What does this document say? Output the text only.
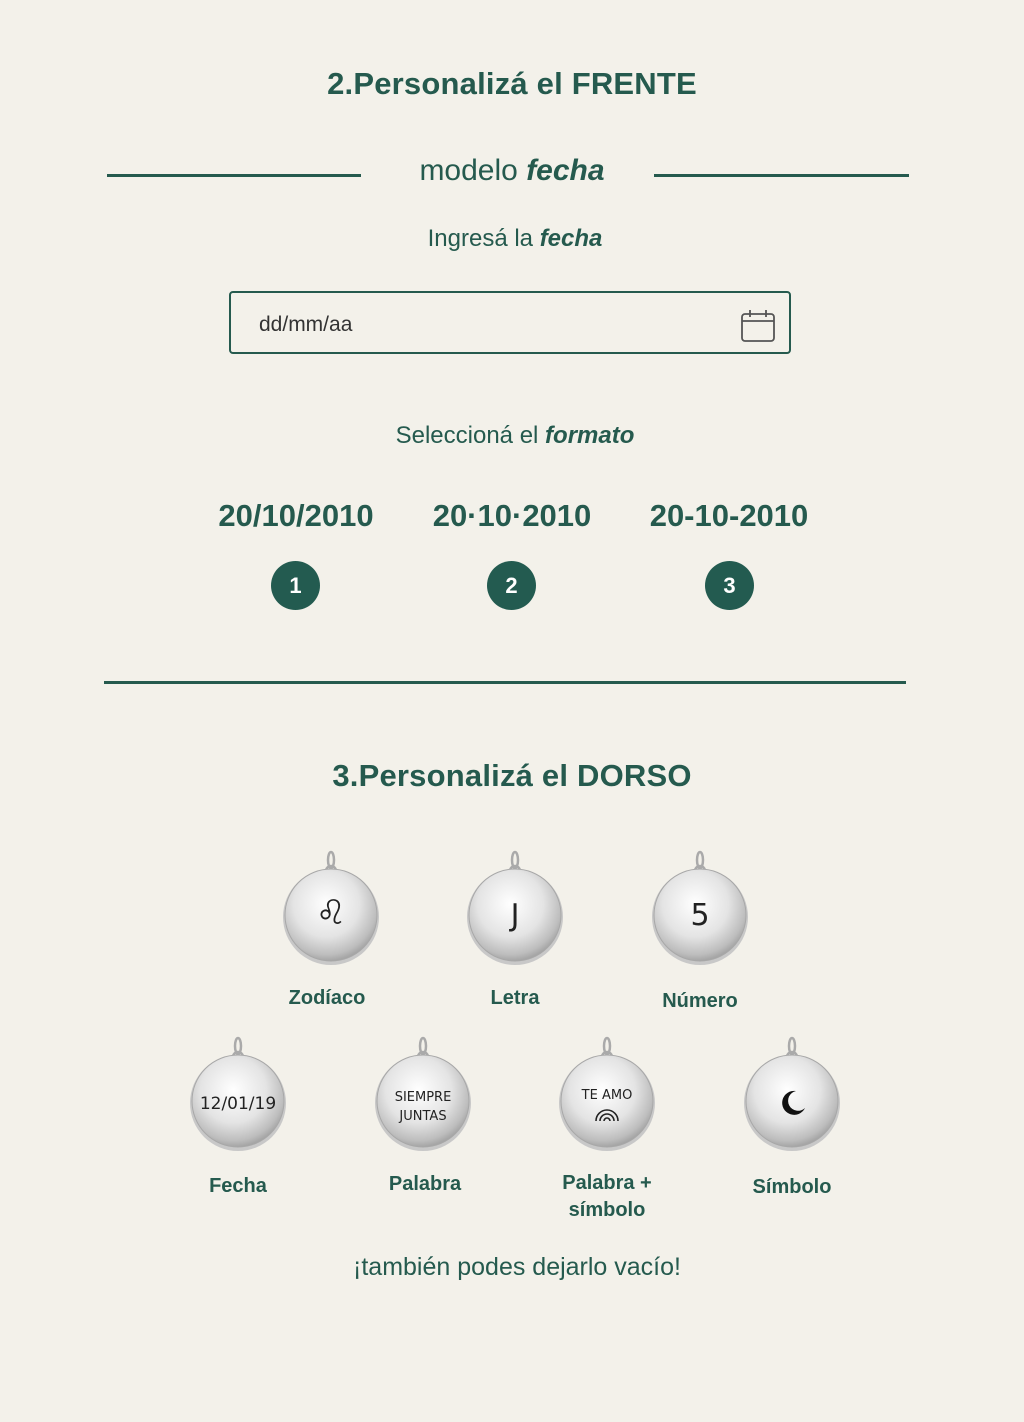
2.Personalizá el FRENTE
modelo fecha
Ingresá la fecha
dd/mm/aa
Seleccioná el formato
20/10/2010	20·10·2010	20-10-2010
1	2	3
3.Personalizá el DORSO
♌	J	5
Zodíaco	Letra	Número
12/01/19	SIEMPRE
JUNTAS
TE AMO
Fecha	Palabra	Palabra +
símbolo
Símbolo
¡también podes dejarlo vacío!
